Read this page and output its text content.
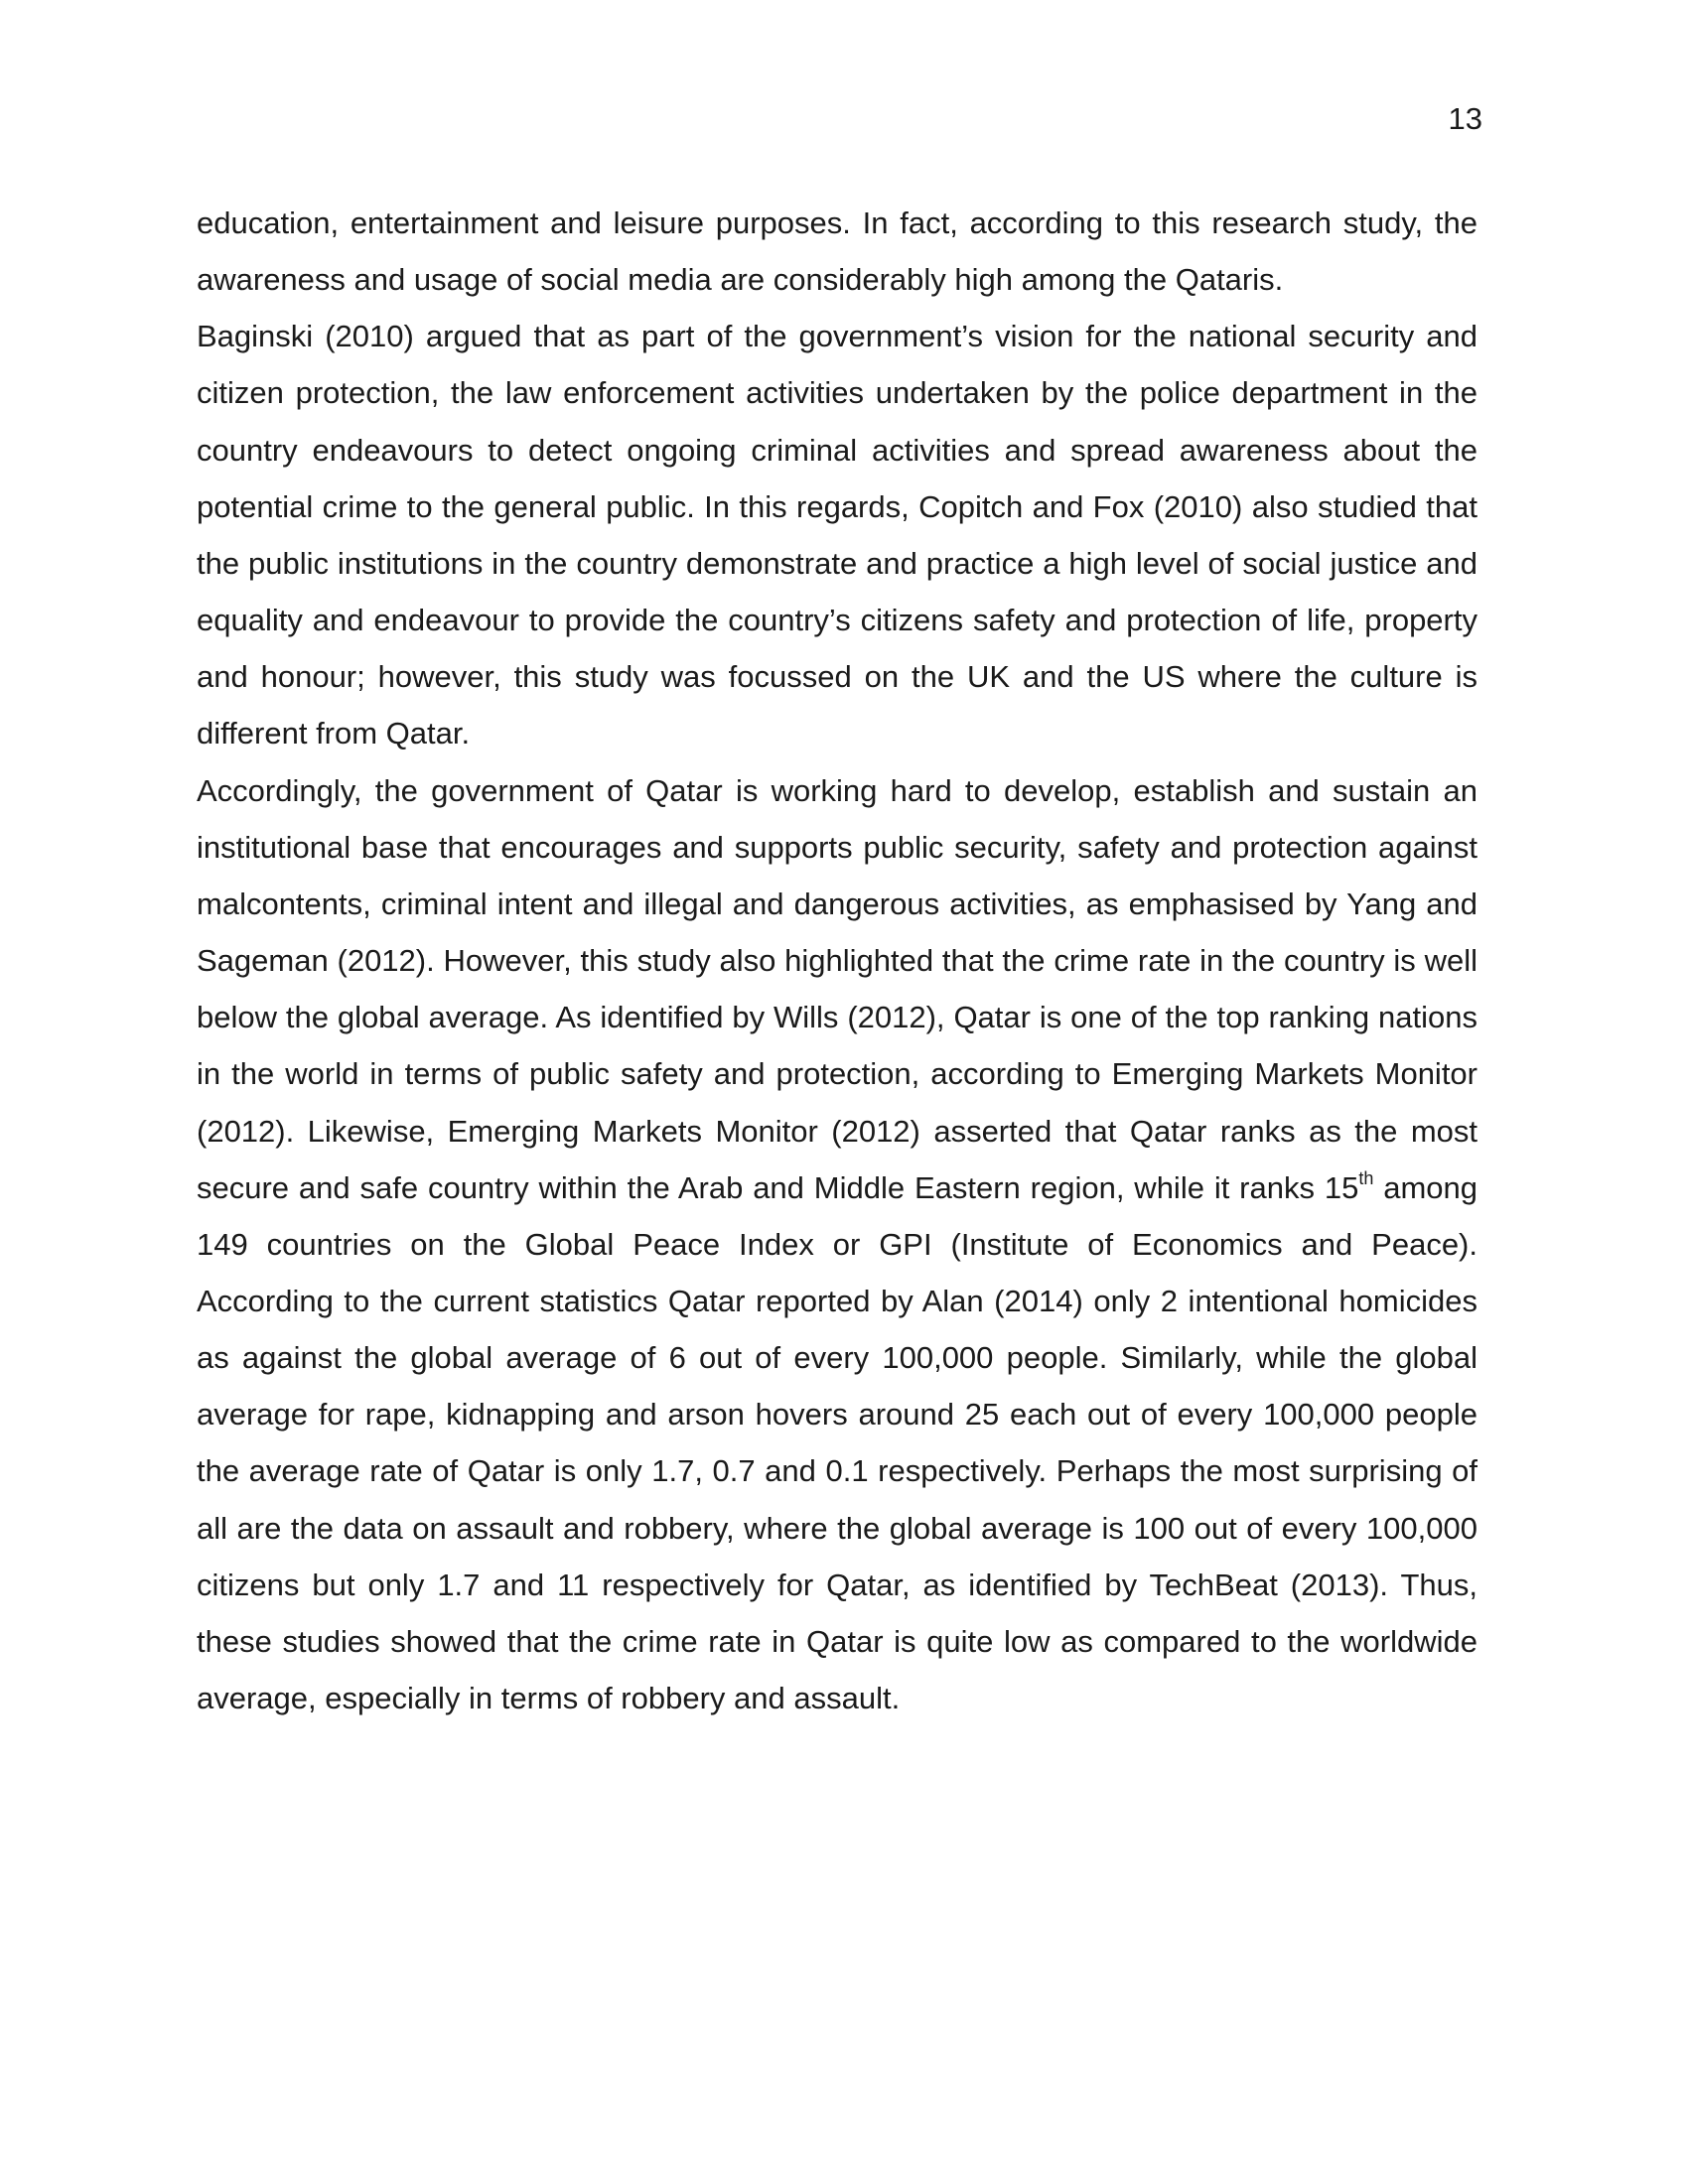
13

education, entertainment and leisure purposes. In fact, according to this research study, the awareness and usage of social media are considerably high among the Qataris.

Baginski (2010) argued that as part of the government’s vision for the national security and citizen protection, the law enforcement activities undertaken by the police department in the country endeavours to detect ongoing criminal activities and spread awareness about the potential crime to the general public. In this regards, Copitch and Fox (2010) also studied that the public institutions in the country demonstrate and practice a high level of social justice and equality and endeavour to provide the country’s citizens safety and protection of life, property and honour; however, this study was focussed on the UK and the US where the culture is different from Qatar.

Accordingly, the government of Qatar is working hard to develop, establish and sustain an institutional base that encourages and supports public security, safety and protection against malcontents, criminal intent and illegal and dangerous activities, as emphasised by Yang and Sageman (2012). However, this study also highlighted that the crime rate in the country is well below the global average. As identified by Wills (2012), Qatar is one of the top ranking nations in the world in terms of public safety and protection, according to Emerging Markets Monitor (2012). Likewise, Emerging Markets Monitor (2012) asserted that Qatar ranks as the most secure and safe country within the Arab and Middle Eastern region, while it ranks 15th among 149 countries on the Global Peace Index or GPI (Institute of Economics and Peace). According to the current statistics Qatar reported by Alan (2014) only 2 intentional homicides as against the global average of 6 out of every 100,000 people. Similarly, while the global average for rape, kidnapping and arson hovers around 25 each out of every 100,000 people the average rate of Qatar is only 1.7, 0.7 and 0.1 respectively. Perhaps the most surprising of all are the data on assault and robbery, where the global average is 100 out of every 100,000 citizens but only 1.7 and 11 respectively for Qatar, as identified by TechBeat (2013). Thus, these studies showed that the crime rate in Qatar is quite low as compared to the worldwide average, especially in terms of robbery and assault.
